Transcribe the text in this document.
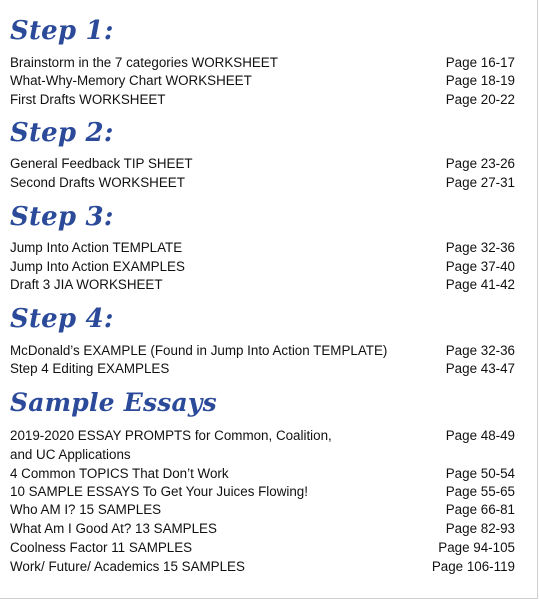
Step 1:
Brainstorm in the 7 categories WORKSHEET	Page 16-17
What-Why-Memory Chart WORKSHEET	Page 18-19
First Drafts WORKSHEET	Page 20-22
Step 2:
General Feedback TIP SHEET	Page 23-26
Second Drafts WORKSHEET	Page 27-31
Step 3:
Jump Into Action TEMPLATE	Page 32-36
Jump Into Action EXAMPLES	Page 37-40
Draft 3 JIA WORKSHEET	Page 41-42
Step 4:
McDonald’s EXAMPLE (Found in Jump Into Action TEMPLATE)	Page 32-36
Step 4 Editing EXAMPLES	Page 43-47
Sample Essays
2019-2020 ESSAY PROMPTS for Common, Coalition,	Page 48-49
and UC Applications
4 Common TOPICS That Don’t Work	Page 50-54
10 SAMPLE ESSAYS To Get Your Juices Flowing!	Page 55-65
Who AM I? 15 SAMPLES	Page 66-81
What Am I Good At? 13 SAMPLES	Page 82-93
Coolness Factor 11 SAMPLES	Page 94-105
Work/ Future/ Academics 15 SAMPLES	Page 106-119
